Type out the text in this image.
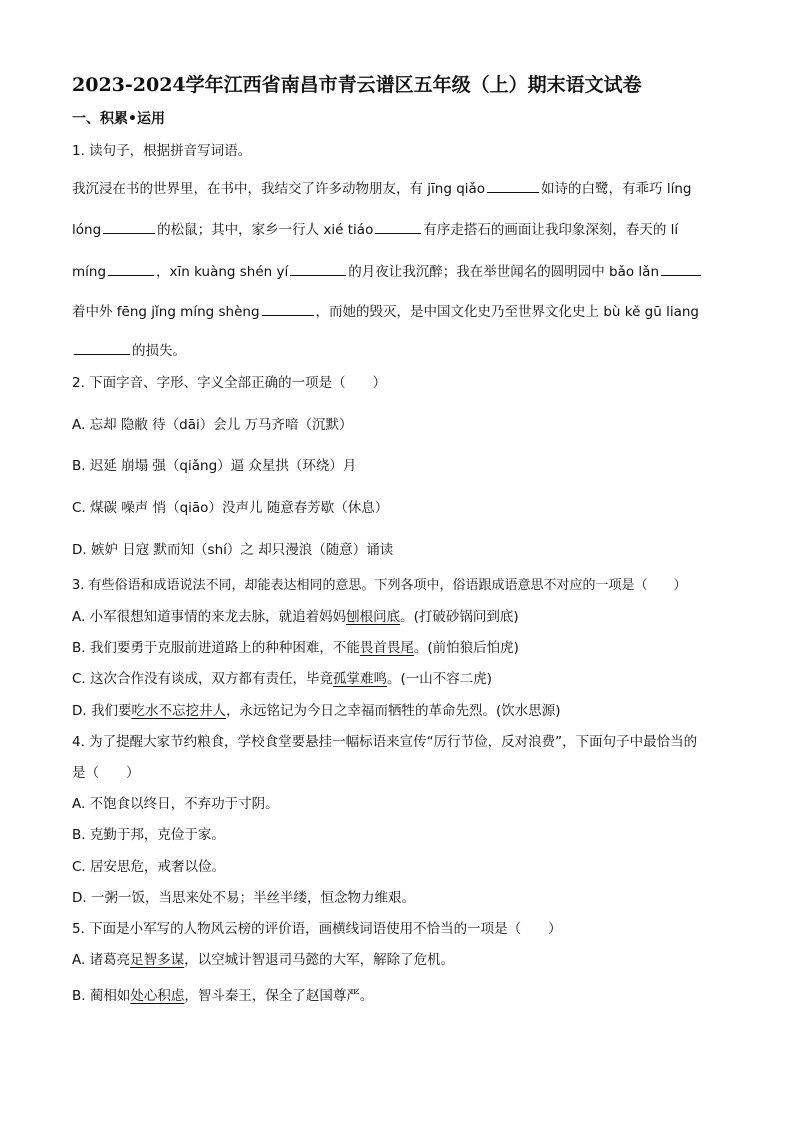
2023-2024学年江西省南昌市青云谱区五年级（上）期末语文试卷
一、积累•运用
1. 读句子，根据拼音写词语。
我沉浸在书的世界里，在书中，我结交了许多动物朋友，有 jīng qiǎo	如诗的白鹭，有乖巧 líng
lóng	的松鼠；其中，家乡一行人 xié tiáo	有序走搭石的画面让我印象深刻，春天的 lí
míng	，xīn kuàng shén yí	的月夜让我沉醉；我在举世闻名的圆明园中 bǎo lǎn
着中外 fēng jǐng míng shèng	，而她的毁灭，是中国文化史乃至世界文化史上 bù kě gū liang
的损失。
2. 下面字音、字形、字义全部正确的一项是（　　）
A. 忘却 隐敝 待（dāi）会儿 万马齐喑（沉默）
B. 迟延 崩塌 强（qiǎng）逼 众星拱（环绕）月
C. 煤碳 噪声 悄（qiāo）没声儿 随意春芳歇（休息）
D. 嫉妒 日寇 默而知（shí）之 却只漫浪（随意）诵读
3. 有些俗语和成语说法不同，却能表达相同的意思。下列各项中，俗语跟成语意思不对应的一项是（　　）
A. 小军很想知道事情的来龙去脉，就追着妈妈刨根问底。(打破砂锅问到底)
B. 我们要勇于克服前进道路上的种种困难，不能畏首畏尾。(前怕狼后怕虎)
C. 这次合作没有谈成，双方都有责任，毕竟孤掌难鸣。(一山不容二虎)
D. 我们要吃水不忘挖井人，永远铭记为今日之幸福而牺牲的革命先烈。(饮水思源)
4. 为了提醒大家节约粮食，学校食堂要悬挂一幅标语来宣传“厉行节俭，反对浪费”，下面句子中最恰当的
是（　　）
A. 不饱食以终日，不弃功于寸阴。
B. 克勤于邦，克俭于家。
C. 居安思危，戒奢以俭。
D. 一粥一饭，当思来处不易；半丝半缕，恒念物力维艰。
5. 下面是小军写的人物风云榜的评价语，画横线词语使用不恰当的一项是（　　）
A. 诸葛亮足智多谋，以空城计智退司马懿的大军，解除了危机。
B. 蔺相如处心积虑，智斗秦王，保全了赵国尊严。
